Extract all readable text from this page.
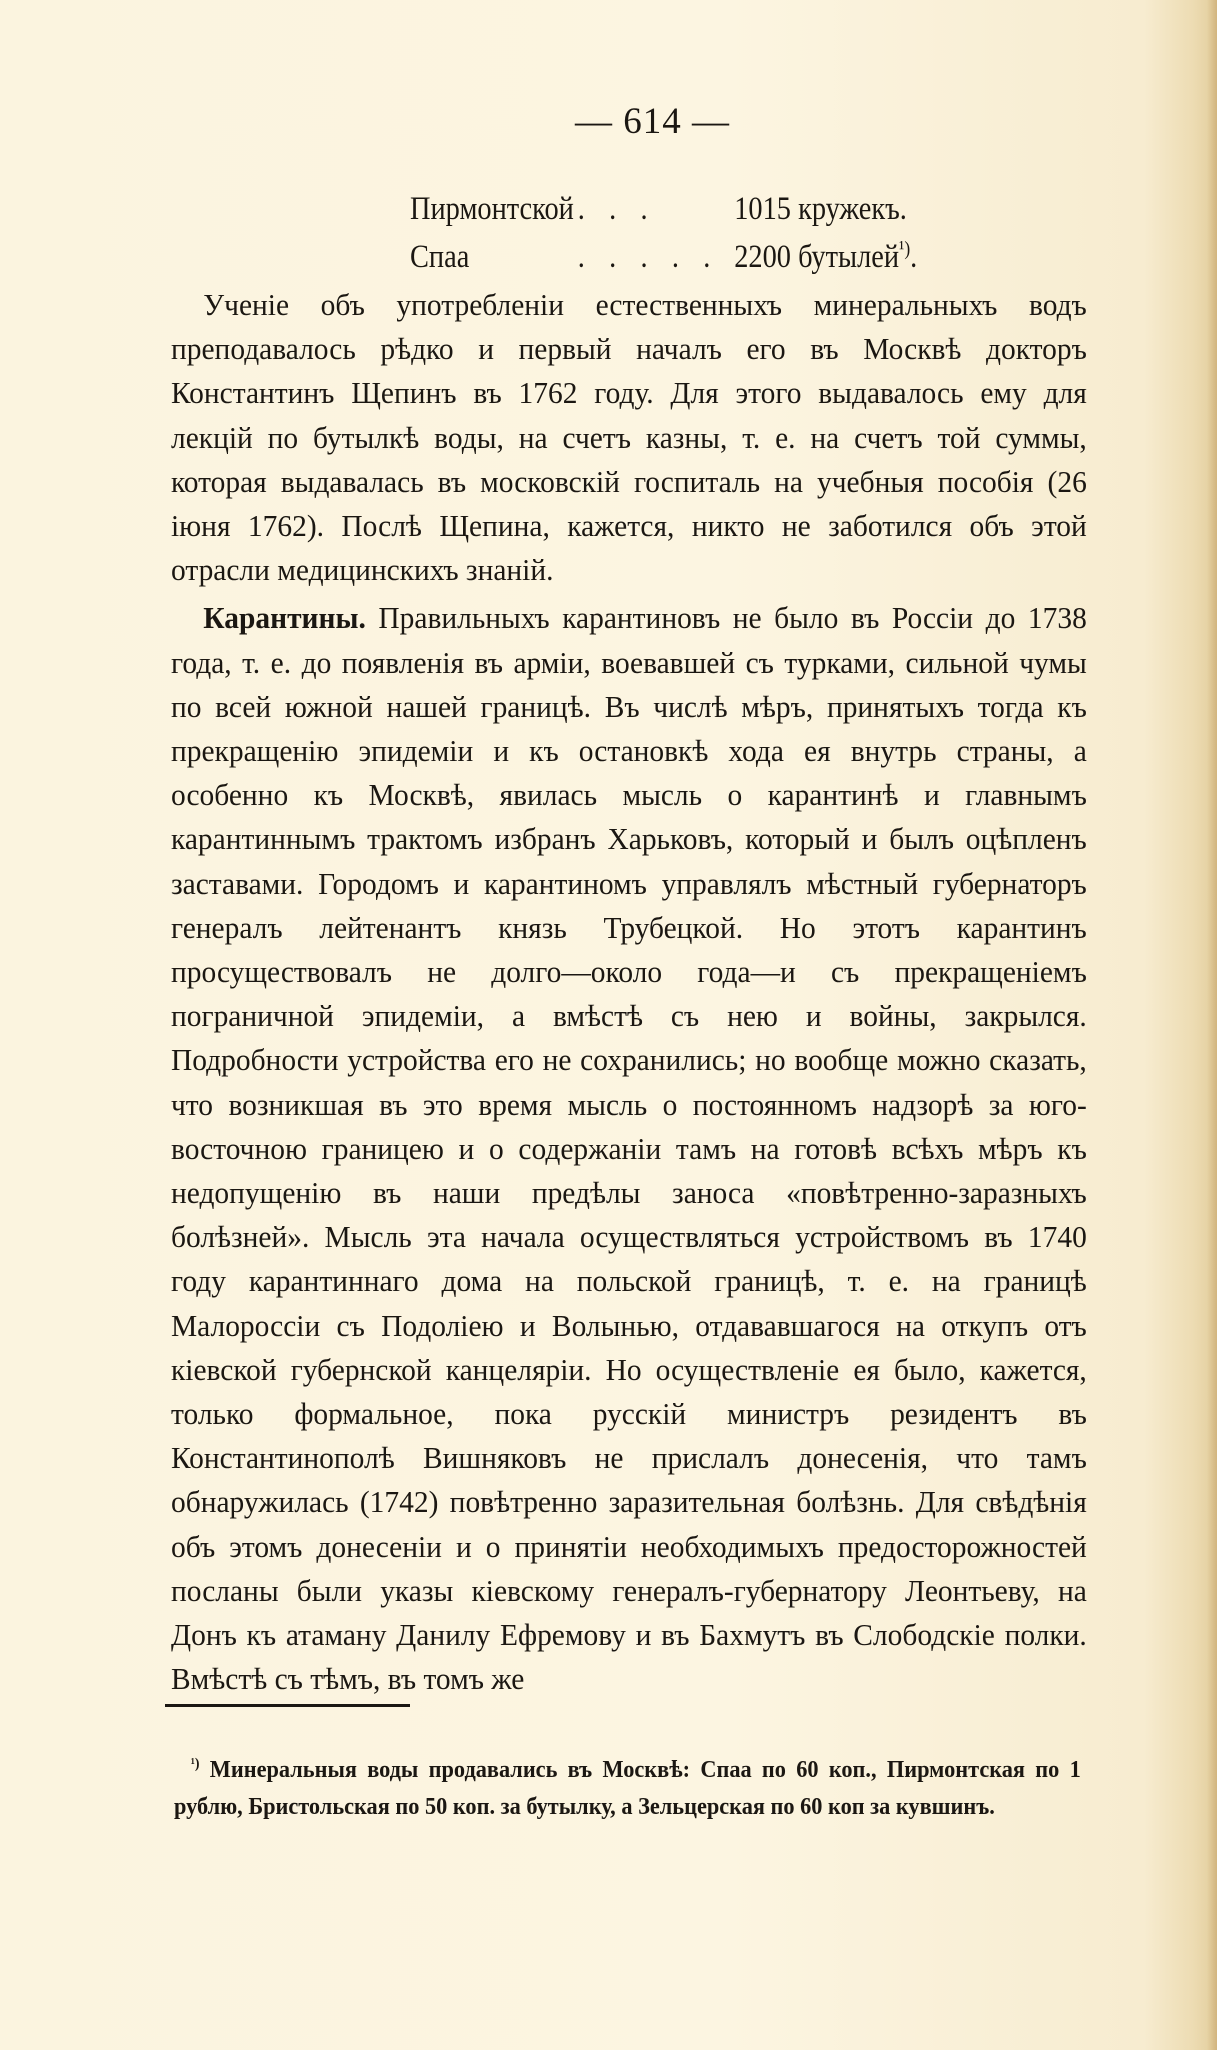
— 614 —
Пирмонтской . . .	1015 кружекъ.
Спаа	. . . . . 2200 бутылей$^{^1)}$.

Ученіе объ употребленіи естественныхъ минеральныхъ водъ преподавалось рѣдко и первый началъ его въ Москвѣ докторъ Константинъ Щепинъ въ 1762 году. Для этого выдавалось ему для лекцій по бутылкѣ воды, на счетъ казны, т. е. на счетъ той суммы, которая выдавалась въ московскій госпиталь на учебныя пособія (26 іюня 1762). Послѣ Щепина, кажется, никто не заботился объ этой отрасли медицинскихъ знаній.

Карантины. Правильныхъ карантиновъ не было въ Россіи до 1738 года, т. е. до появленія въ арміи, воевавшей съ турками, сильной чумы по всей южной нашей границѣ. Въ числѣ мѣръ, принятыхъ тогда къ прекращенію эпидеміи и къ остановкѣ хода ея внутрь страны, а особенно къ Москвѣ, явилась мысль о карантинѣ и главнымъ карантиннымъ трактомъ избранъ Харьковъ, который и былъ оцѣпленъ заставами. Городомъ и карантиномъ управлялъ мѣстный губернаторъ генералъ лейтенантъ князь Трубецкой. Но этотъ карантинъ просуществовалъ не долго—около года—и съ прекращеніемъ пограничной эпидеміи, а вмѣстѣ съ нею и войны, закрылся. Подробности устройства его не сохранились; но вообще можно сказать, что возникшая въ это время мысль о постоянномъ надзорѣ за юго-восточною границею и о содержаніи тамъ на готовѣ всѣхъ мѣръ къ недопущенію въ наши предѣлы заноса «повѣтренно-заразныхъ болѣзней». Мысль эта начала осуществляться устройствомъ въ 1740 году карантиннаго дома на польской границѣ, т. е. на границѣ Малороссіи съ Подоліею и Волынью, отдававшагося на откупъ отъ кіевской губернской канцеляріи. Но осуществленіе ея было, кажется, только формальное, пока русскій министръ резидентъ въ Константинополѣ Вишняковъ не прислалъ донесенія, что тамъ обнаружилась (1742) повѣтренно заразительная болѣзнь. Для свѣдѣнія объ этомъ донесеніи и о принятіи необходимыхъ предосторожностей посланы были указы кіевскому генералъ-губернатору Леонтьеву, на Донъ къ атаману Данилу Ефремову и въ Бахмутъ въ Слободскіе полки. Вмѣстѣ съ тѣмъ, въ томъ же

$^{^1)}$ Минеральныя воды продавались въ Москвѣ: Спаа по 60 коп., Пирмонтская по 1 рублю, Бристольская по 50 коп. за бутылку, а Зельцерская по 60 коп за кувшинъ.
